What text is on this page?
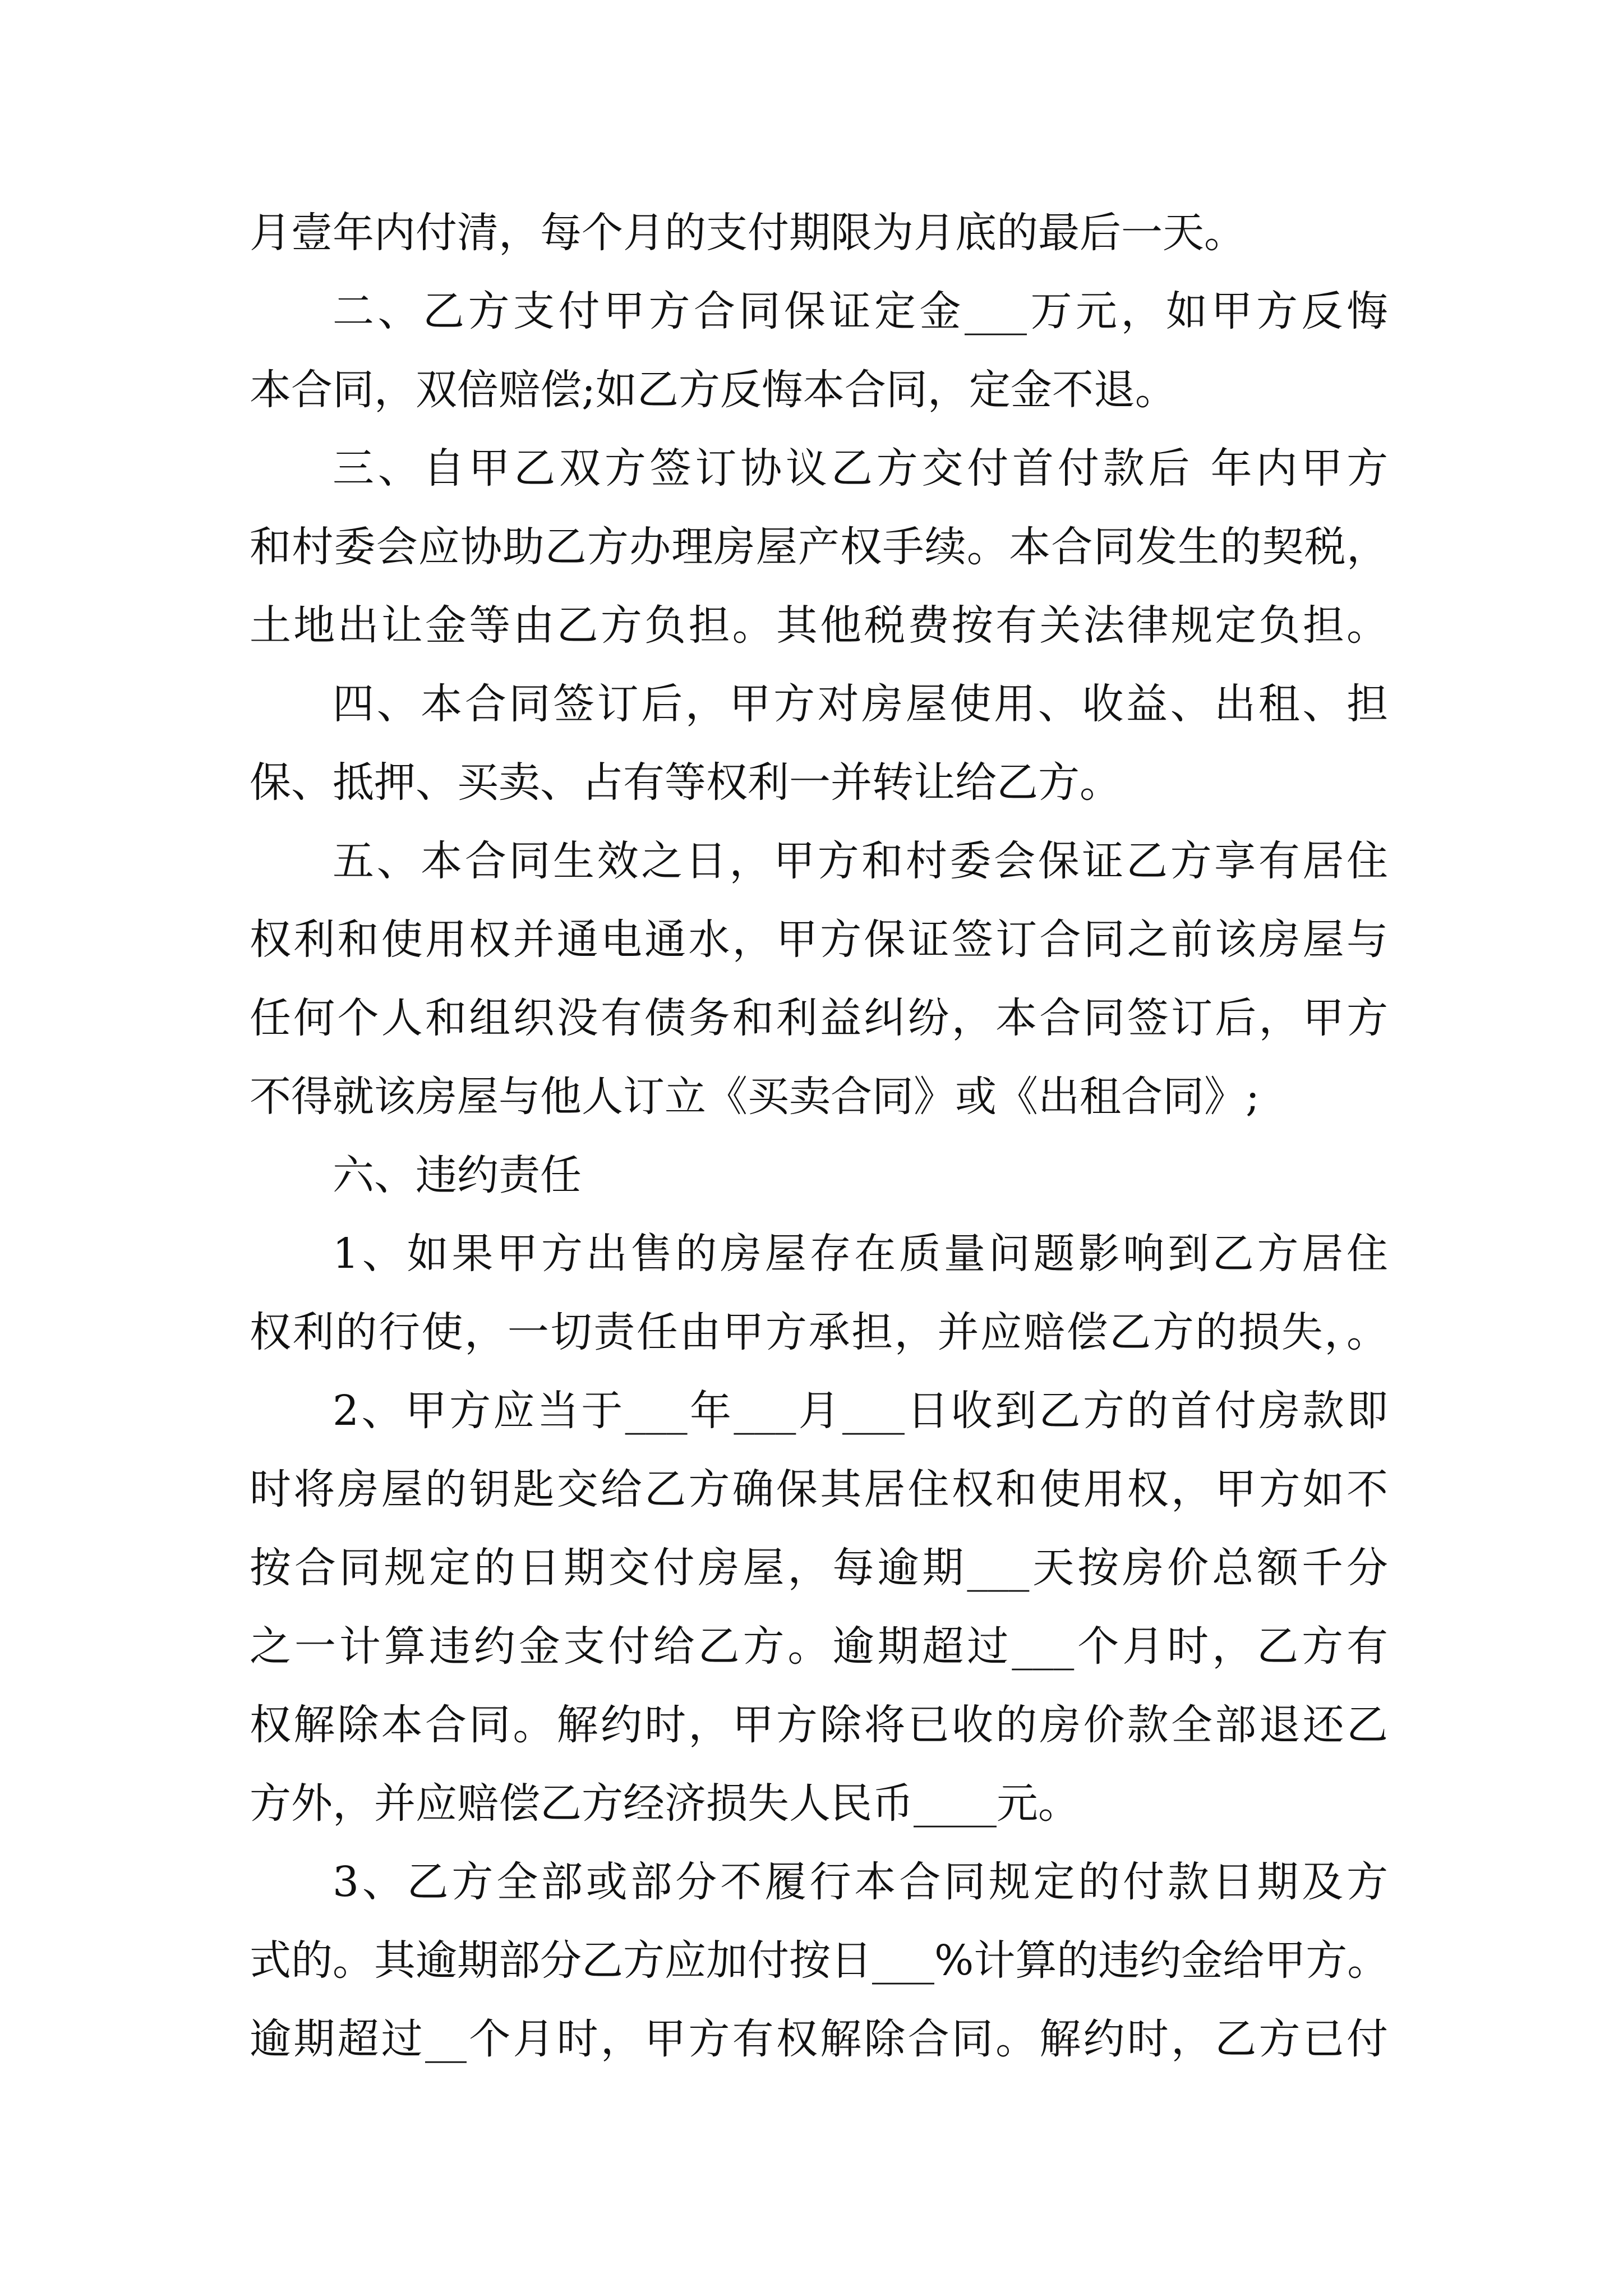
月壹年内付清，每个月的支付期限为月底的最后一天。
二、乙方支付甲方合同保证定金___万元，如甲方反悔
本合同，双倍赔偿;如乙方反悔本合同，定金不退。
三、自甲乙双方签订协议乙方交付首付款后 年内甲方
和村委会应协助乙方办理房屋产权手续。本合同发生的契税，
土地出让金等由乙方负担。其他税费按有关法律规定负担。
四、本合同签订后，甲方对房屋使用、收益、出租、担
保、抵押、买卖、占有等权利一并转让给乙方。
五、本合同生效之日，甲方和村委会保证乙方享有居住
权利和使用权并通电通水，甲方保证签订合同之前该房屋与
任何个人和组织没有债务和利益纠纷，本合同签订后，甲方
不得就该房屋与他人订立《买卖合同》或《出租合同》;
六、违约责任
1、如果甲方出售的房屋存在质量问题影响到乙方居住
权利的行使，一切责任由甲方承担，并应赔偿乙方的损失，。
2、甲方应当于___年___月___日收到乙方的首付房款即
时将房屋的钥匙交给乙方确保其居住权和使用权，甲方如不
按合同规定的日期交付房屋，每逾期___天按房价总额千分
之一计算违约金支付给乙方。逾期超过___个月时，乙方有
权解除本合同。解约时，甲方除将已收的房价款全部退还乙
方外，并应赔偿乙方经济损失人民币____元。
3、乙方全部或部分不履行本合同规定的付款日期及方
式的。其逾期部分乙方应加付按日___%计算的违约金给甲方。
逾期超过__个月时，甲方有权解除合同。解约时，乙方已付
